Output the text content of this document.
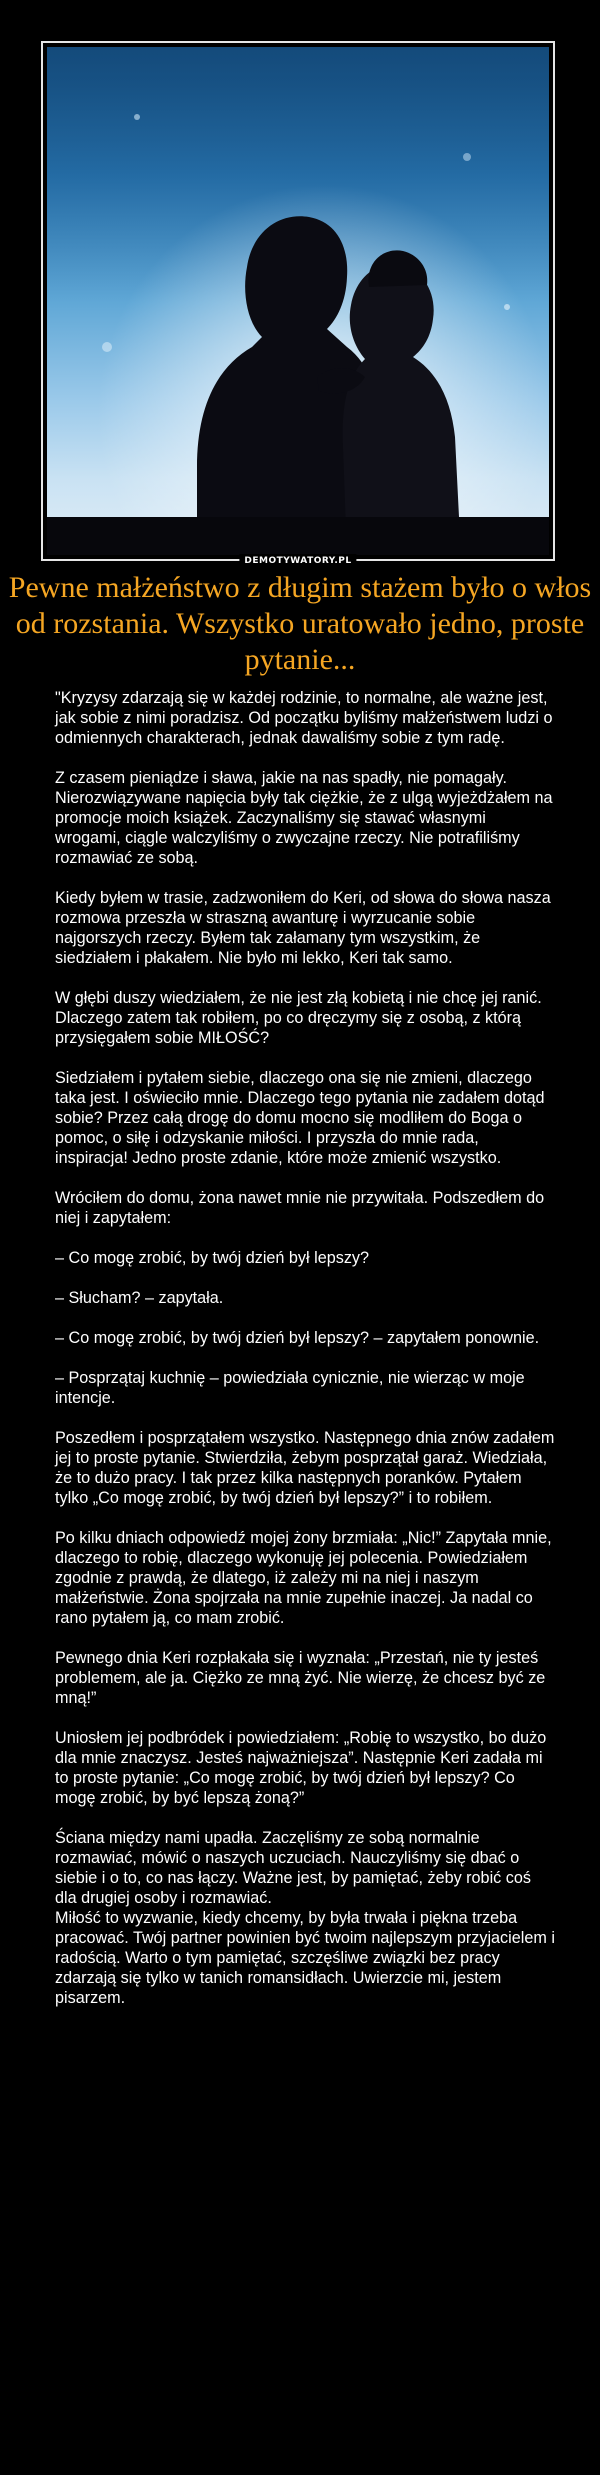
DEMOTYWATORY.PL
Pewne małżeństwo z długim stażem było o włos od rozstania. Wszystko uratowało jedno, proste pytanie...

"Kryzysy zdarzają się w każdej rodzinie, to normalne, ale ważne jest, jak sobie z nimi poradzisz. Od początku byliśmy małżeństwem ludzi o odmiennych charakterach, jednak dawaliśmy sobie z tym radę.

Z czasem pieniądze i sława, jakie na nas spadły, nie pomagały. Nierozwiązywane napięcia były tak ciężkie, że z ulgą wyjeżdżałem na promocje moich książek. Zaczynaliśmy się stawać własnymi wrogami, ciągle walczyliśmy o zwyczajne rzeczy. Nie potrafiliśmy rozmawiać ze sobą.

Kiedy byłem w trasie, zadzwoniłem do Keri, od słowa do słowa nasza rozmowa przeszła w straszną awanturę i wyrzucanie sobie najgorszych rzeczy. Byłem tak załamany tym wszystkim, że siedziałem i płakałem. Nie było mi lekko, Keri tak samo.

W głębi duszy wiedziałem, że nie jest złą kobietą i nie chcę jej ranić. Dlaczego zatem tak robiłem, po co dręczymy się z osobą, z którą przysięgałem sobie MIŁOŚĆ?

Siedziałem i pytałem siebie, dlaczego ona się nie zmieni, dlaczego taka jest. I oświeciło mnie. Dlaczego tego pytania nie zadałem dotąd sobie? Przez całą drogę do domu mocno się modliłem do Boga o pomoc, o siłę i odzyskanie miłości. I przyszła do mnie rada, inspiracja! Jedno proste zdanie, które może zmienić wszystko.

Wróciłem do domu, żona nawet mnie nie przywitała. Podszedłem do niej i zapytałem:

– Co mogę zrobić, by twój dzień był lepszy?

– Słucham? – zapytała.

– Co mogę zrobić, by twój dzień był lepszy? – zapytałem ponownie.

– Posprzątaj kuchnię – powiedziała cynicznie, nie wierząc w moje intencje.

Poszedłem i posprzątałem wszystko. Następnego dnia znów zadałem jej to proste pytanie. Stwierdziła, żebym posprzątał garaż. Wiedziała, że to dużo pracy. I tak przez kilka następnych poranków. Pytałem tylko „Co mogę zrobić, by twój dzień był lepszy?” i to robiłem.

Po kilku dniach odpowiedź mojej żony brzmiała: „Nic!” Zapytała mnie, dlaczego to robię, dlaczego wykonuję jej polecenia. Powiedziałem zgodnie z prawdą, że dlatego, iż zależy mi na niej i naszym małżeństwie. Żona spojrzała na mnie zupełnie inaczej. Ja nadal co rano pytałem ją, co mam zrobić.

Pewnego dnia Keri rozpłakała się i wyznała: „Przestań, nie ty jesteś problemem, ale ja. Ciężko ze mną żyć. Nie wierzę, że chcesz być ze mną!”

Uniosłem jej podbródek i powiedziałem: „Robię to wszystko, bo dużo dla mnie znaczysz. Jesteś najważniejsza”. Następnie Keri zadała mi to proste pytanie: „Co mogę zrobić, by twój dzień był lepszy? Co mogę zrobić, by być lepszą żoną?”

Ściana między nami upadła. Zaczęliśmy ze sobą normalnie rozmawiać, mówić o naszych uczuciach. Nauczyliśmy się dbać o siebie i o to, co nas łączy. Ważne jest, by pamiętać, żeby robić coś dla drugiej osoby i rozmawiać.
Miłość to wyzwanie, kiedy chcemy, by była trwała i piękna trzeba pracować. Twój partner powinien być twoim najlepszym przyjacielem i radością. Warto o tym pamiętać, szczęśliwe związki bez pracy zdarzają się tylko w tanich romansidłach. Uwierzcie mi, jestem pisarzem.
